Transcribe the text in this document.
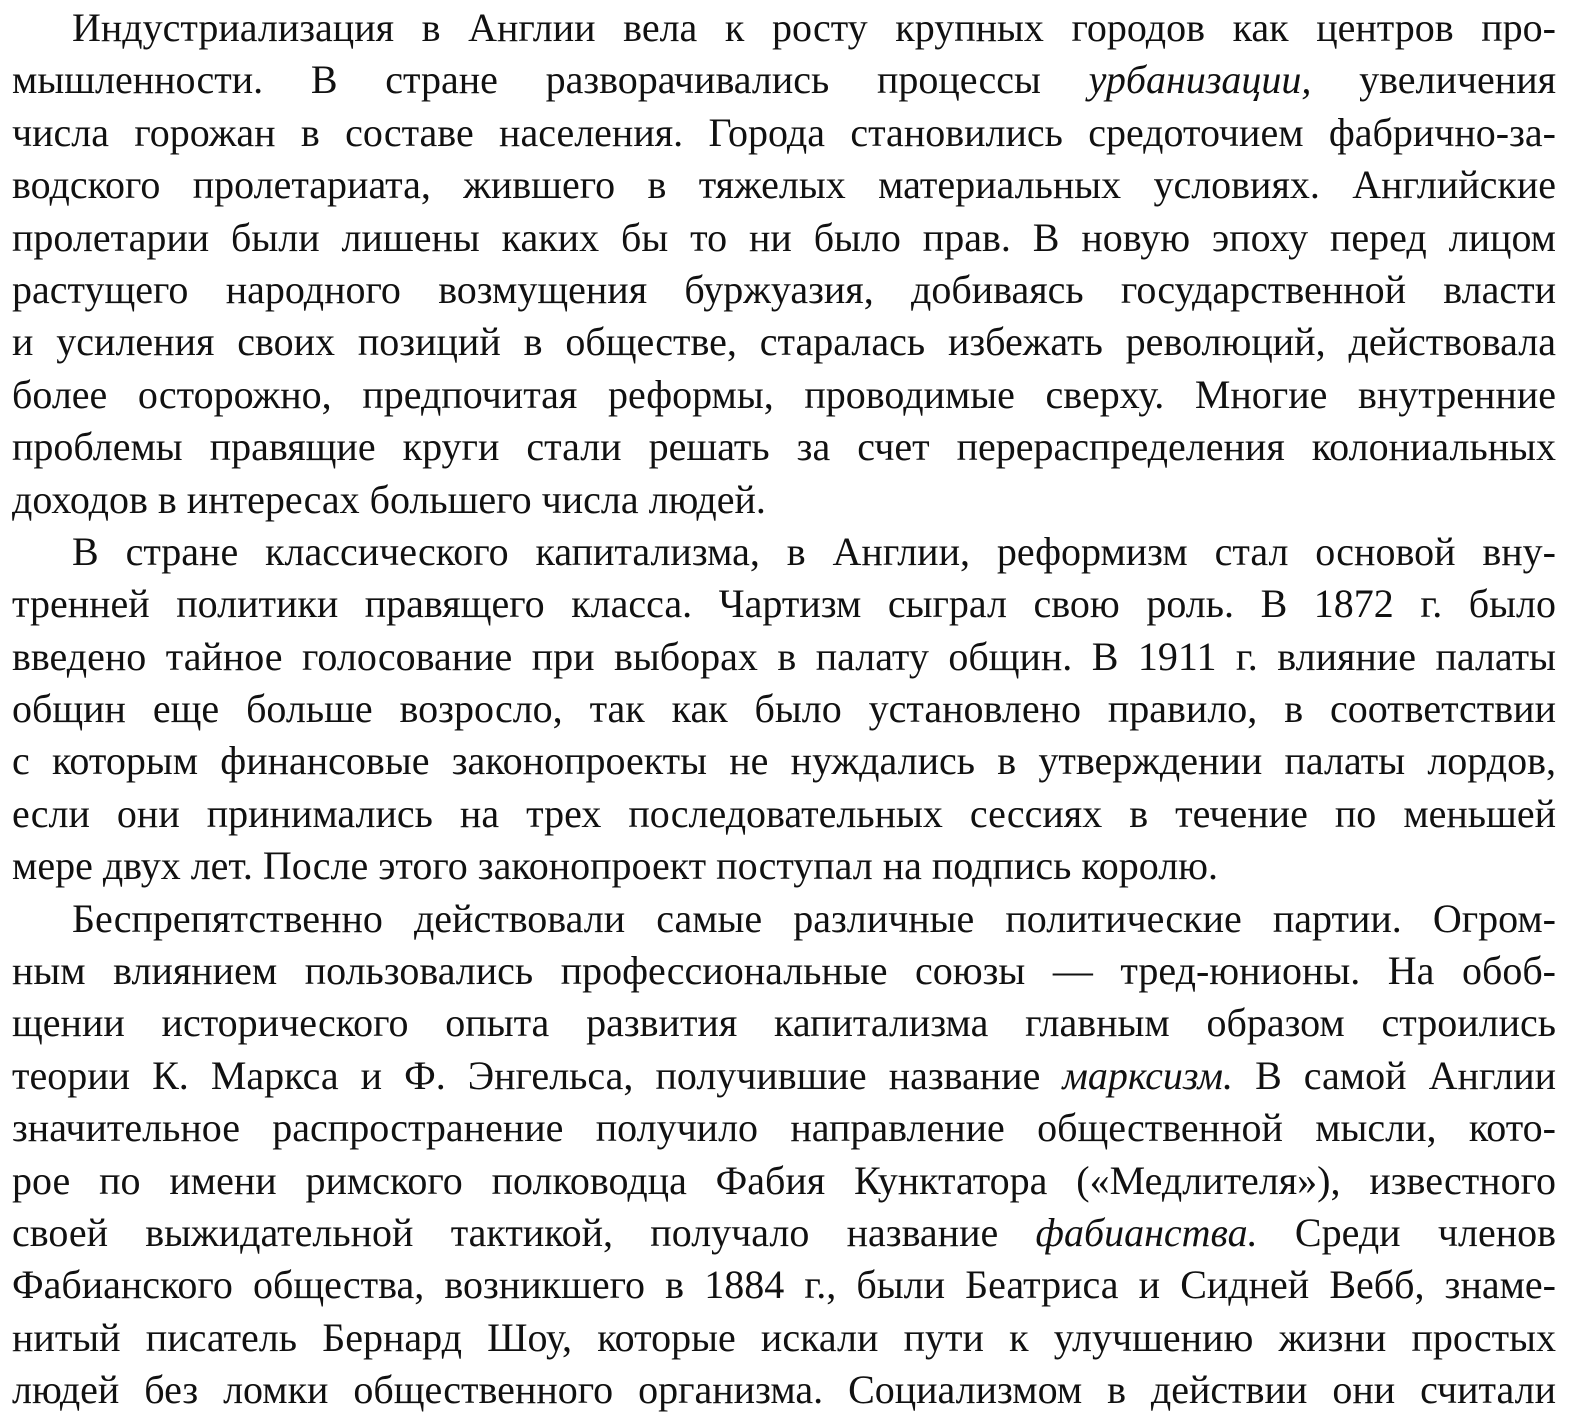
Индустриализация в Англии вела к росту крупных городов как центров про-
мышленности. В стране разворачивались процессы урбанизации, увеличения
числа горожан в составе населения. Города становились средоточием фабрично-за-
водского пролетариата, жившего в тяжелых материальных условиях. Английские
пролетарии были лишены каких бы то ни было прав. В новую эпоху перед лицом
растущего народного возмущения буржуазия, добиваясь государственной власти
и усиления своих позиций в обществе, старалась избежать революций, действовала
более осторожно, предпочитая реформы, проводимые сверху. Многие внутренние
проблемы правящие круги стали решать за счет перераспределения колониальных
доходов в интересах большего числа людей.
В стране классического капитализма, в Англии, реформизм стал основой вну-
тренней политики правящего класса. Чартизм сыграл свою роль. В 1872 г. было
введено тайное голосование при выборах в палату общин. В 1911 г. влияние палаты
общин еще больше возросло, так как было установлено правило, в соответствии
с которым финансовые законопроекты не нуждались в утверждении палаты лордов,
если они принимались на трех последовательных сессиях в течение по меньшей
мере двух лет. После этого законопроект поступал на подпись королю.
Беспрепятственно действовали самые различные политические партии. Огром-
ным влиянием пользовались профессиональные союзы — тред-юнионы. На обоб-
щении исторического опыта развития капитализма главным образом строились
теории К. Маркса и Ф. Энгельса, получившие название марксизм. В самой Англии
значительное распространение получило направление общественной мысли, кото-
рое по имени римского полководца Фабия Кунктатора («Медлителя»), известного
своей выжидательной тактикой, получало название фабианства. Среди членов
Фабианского общества, возникшего в 1884 г., были Беатриса и Сидней Вебб, знаме-
нитый писатель Бернард Шоу, которые искали пути к улучшению жизни простых
людей без ломки общественного организма. Социализмом в действии они считали
